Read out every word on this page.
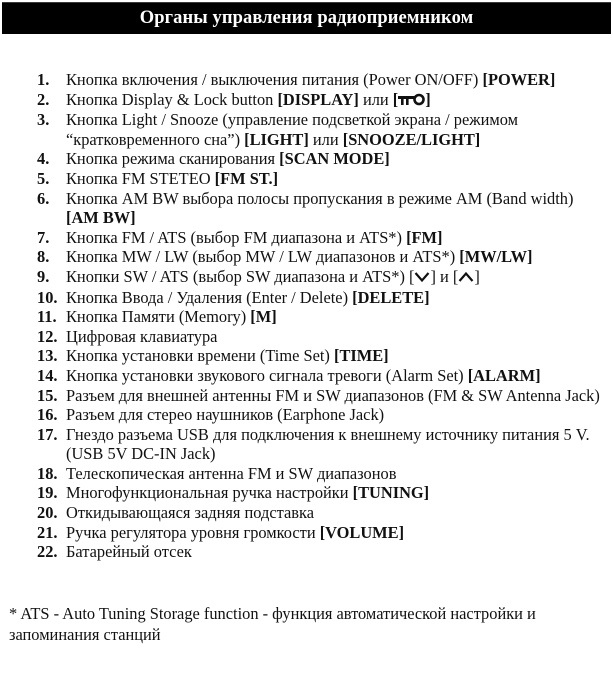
Органы управления радиоприемником
1.	Кнопка включения / выключения питания (Power ON/OFF) [POWER]
2.	Кнопка Display & Lock button [DISPLAY] или [ ]
3.	Кнопка Light / Snooze (управление подсветкой экрана / режимом “кратковременного сна”) [LIGHT] или [SNOOZE/LIGHT]
4.	Кнопка режима сканирования [SCAN MODE]
5.	Кнопка FM STETEO [FM ST.]
6.	Кнопка AM BW выбора полосы пропускания в режиме AM (Band width) [AM BW]
7.	Кнопка FM / ATS (выбор FM диапазона и ATS*) [FM]
8.	Кнопка MW / LW (выбор MW / LW диапазонов и ATS*) [MW/LW]
9.	Кнопки SW / ATS (выбор SW диапазона и ATS*) [ ] и [ ]
10. Кнопка Ввода / Удаления (Enter / Delete) [DELETE]
11. Кнопка Памяти (Memory) [M]
12. Цифровая клавиатура
13. Кнопка установки времени (Time Set) [TIME]
14. Кнопка установки звукового сигнала тревоги (Alarm Set) [ALARM]
15. Разъем для внешней антенны FM и SW диапазонов (FM & SW Antenna Jack)
16. Разъем для стерео наушников (Earphone Jack)
17. Гнездо разъема USB для подключения к внешнему источнику питания 5 V. (USB 5V DC-IN Jack)
18. Телескопическая антенна FM и SW диапазонов
19. Многофункциональная ручка настройки [TUNING]
20. Откидывающаяся задняя подставка
21. Ручка регулятора уровня громкости [VOLUME]
22. Батарейный отсек
* ATS - Auto Tuning Storage function - функция автоматической настройки и запоминания станций
